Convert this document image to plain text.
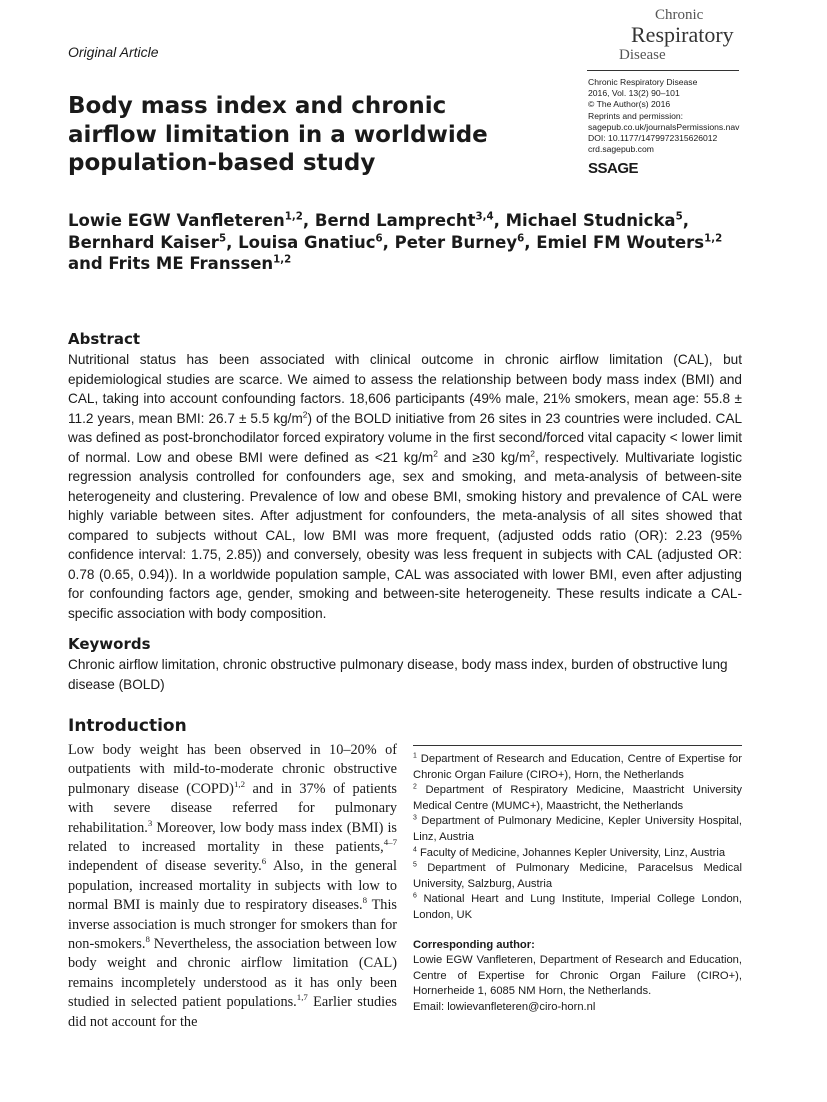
Original Article
Chronic
Respiratory
Disease
Chronic Respiratory Disease
2016, Vol. 13(2) 90–101
© The Author(s) 2016
Reprints and permission:
sagepub.co.uk/journalsPermissions.nav
DOI: 10.1177/1479972315626012
crd.sagepub.com
SSAGE
Body mass index and chronic airflow limitation in a worldwide population-based study
Lowie EGW Vanfleteren$^{1,2}$, Bernd Lamprecht$^{3,4}$, Michael Studnicka$^5$, Bernhard Kaiser$^5$, Louisa Gnatiuc$^6$, Peter Burney$^6$, Emiel FM Wouters$^{1,2}$ and Frits ME Franssen$^{1,2}$
Abstract
Nutritional status has been associated with clinical outcome in chronic airflow limitation (CAL), but epidemiological studies are scarce. We aimed to assess the relationship between body mass index (BMI) and CAL, taking into account confounding factors. 18,606 participants (49% male, 21% smokers, mean age: 55.8 ± 11.2 years, mean BMI: 26.7 ± 5.5 $kg/m^2$) of the BOLD initiative from 26 sites in 23 countries were included. CAL was defined as post-bronchodilator forced expiratory volume in the first second/forced vital capacity < lower limit of normal. Low and obese BMI were defined as <21 $kg/m^2$ and ≥30 $kg/m^2$, respectively. Multivariate logistic regression analysis controlled for confounders age, sex and smoking, and meta-analysis of between-site heterogeneity and clustering. Prevalence of low and obese BMI, smoking history and prevalence of CAL were highly variable between sites. After adjustment for confounders, the meta-analysis of all sites showed that compared to subjects without CAL, low BMI was more frequent, (adjusted odds ratio (OR): 2.23 (95% confidence interval: 1.75, 2.85)) and conversely, obesity was less frequent in subjects with CAL (adjusted OR: 0.78 (0.65, 0.94)). In a worldwide population sample, CAL was associated with lower BMI, even after adjusting for confounding factors age, gender, smoking and between-site heterogeneity. These results indicate a CAL-specific association with body composition.
Keywords
Chronic airflow limitation, chronic obstructive pulmonary disease, body mass index, burden of obstructive lung disease (BOLD)
Introduction
Low body weight has been observed in 10–20% of outpatients with mild-to-moderate chronic obstructive pulmonary disease (COPD)$^{1,2}$ and in 37% of patients with severe disease referred for pulmonary rehabilitation.$^3$ Moreover, low body mass index (BMI) is related to increased mortality in these patients,$^{4-7}$ independent of disease severity.$^6$ Also, in the general population, increased mortality in subjects with low to normal BMI is mainly due to respiratory diseases.$^8$ This inverse association is much stronger for smokers than for non-smokers.$^8$ Nevertheless, the association between low body weight and chronic airflow limitation (CAL) remains incompletely understood as it has only been studied in selected patient populations.$^{1,7}$ Earlier studies did not account for the
$^1$ Department of Research and Education, Centre of Expertise for Chronic Organ Failure (CIRO+), Horn, the Netherlands
$^2$ Department of Respiratory Medicine, Maastricht University Medical Centre (MUMC+), Maastricht, the Netherlands
$^3$ Department of Pulmonary Medicine, Kepler University Hospital, Linz, Austria
$^4$ Faculty of Medicine, Johannes Kepler University, Linz, Austria
$^5$ Department of Pulmonary Medicine, Paracelsus Medical University, Salzburg, Austria
$^6$ National Heart and Lung Institute, Imperial College London, London, UK
Corresponding author:
Lowie EGW Vanfleteren, Department of Research and Education, Centre of Expertise for Chronic Organ Failure (CIRO+), Hornerheide 1, 6085 NM Horn, the Netherlands.
Email: lowievanfleteren@ciro-horn.nl
